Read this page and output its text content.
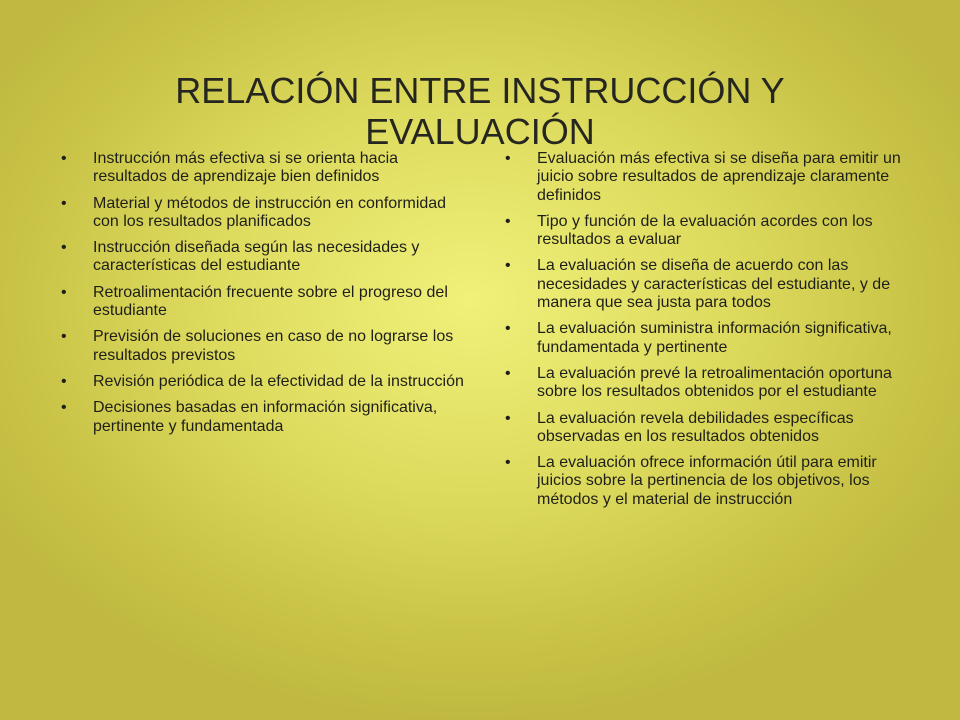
RELACIÓN ENTRE INSTRUCCIÓN Y EVALUACIÓN
• Instrucción más efectiva si se orienta hacia resultados de aprendizaje bien definidos
• Material y métodos de instrucción en conformidad con los resultados planificados
• Instrucción diseñada según las necesidades y características del estudiante
• Retroalimentación frecuente sobre el progreso del estudiante
• Previsión de soluciones en caso de no lograrse los resultados previstos
• Revisión periódica de la efectividad de la instrucción
• Decisiones basadas en información significativa, pertinente y fundamentada
• Evaluación más efectiva si se diseña para emitir un juicio sobre resultados de aprendizaje claramente definidos
• Tipo y función de la evaluación acordes con los resultados a evaluar
• La evaluación se diseña de acuerdo con las necesidades y características del estudiante, y de manera que sea justa para todos
• La evaluación suministra información significativa, fundamentada y pertinente
• La evaluación prevé la retroalimentación oportuna sobre los resultados obtenidos por el estudiante
• La evaluación revela debilidades específicas observadas en los resultados obtenidos
• La evaluación ofrece información útil para emitir juicios sobre la pertinencia de los objetivos, los métodos y el material de instrucción
